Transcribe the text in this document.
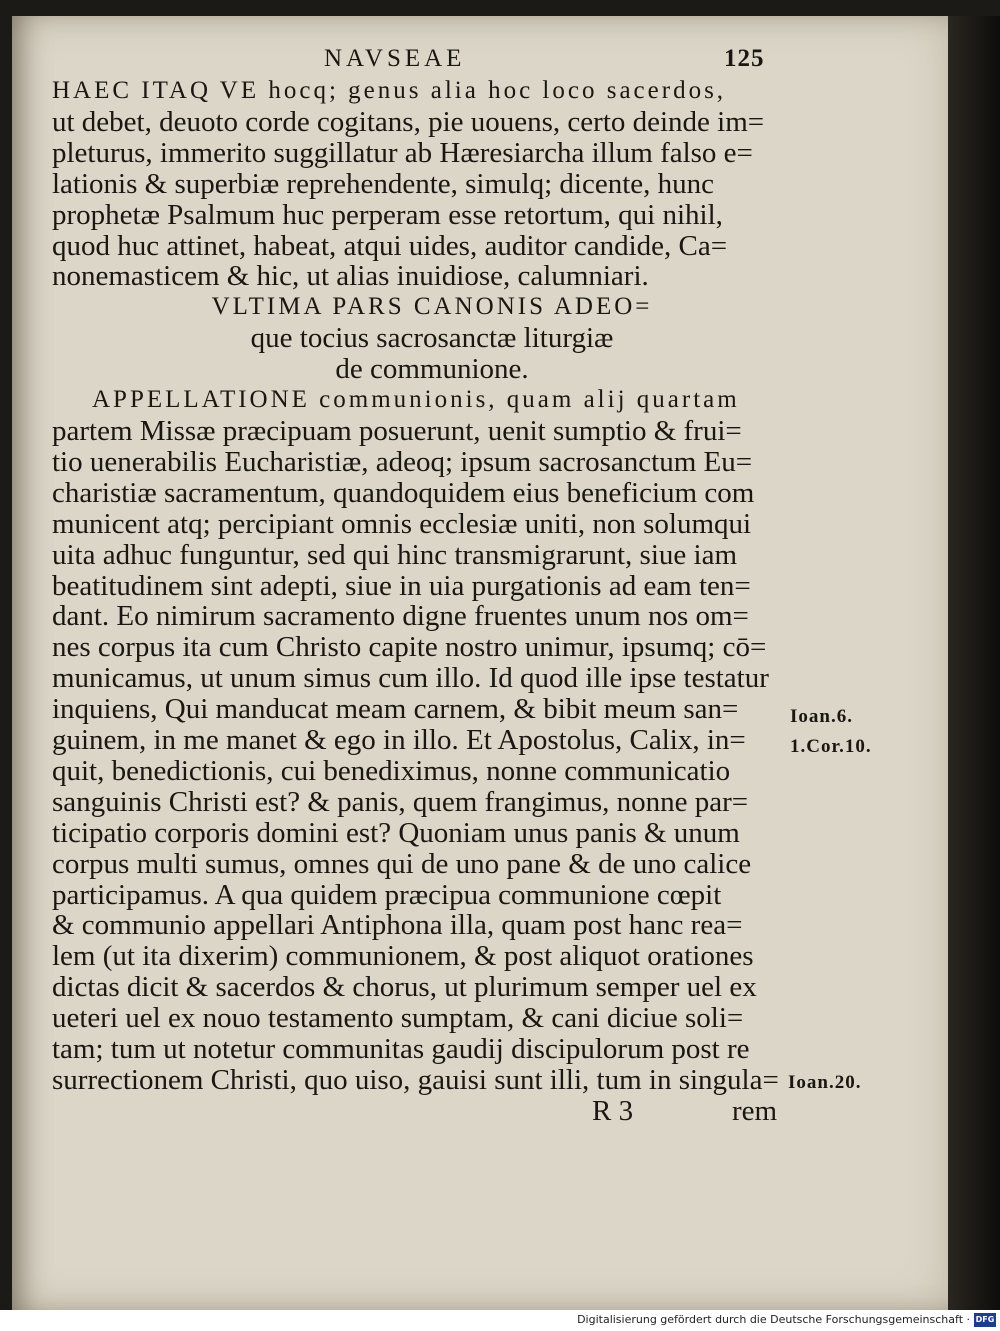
NAVSEAE	125
HAEC ITAQ VE hocq; genus alia hoc loco sacerdos,
ut debet, deuoto corde cogitans, pie uouens, certo deinde im=
pleturus, immerito suggillatur ab Hæresiarcha illum falso e=
lationis & superbiæ reprehendente, simulq; dicente, hunc
prophetæ Psalmum huc perperam esse retortum, qui nihil,
quod huc attinet, habeat, atqui uides, auditor candide, Ca=
nonemasticem & hic, ut alias inuidiose, calumniari.
VLTIMA PARS CANONIS ADEO=
que tocius sacrosanctæ liturgiæ
de communione.
APPELLATIONE communionis, quam alij quartam
partem Missæ præcipuam posuerunt, uenit sumptio & frui=
tio uenerabilis Eucharistiæ, adeoq; ipsum sacrosanctum Eu=
charistiæ sacramentum, quandoquidem eius beneficium com
municent atq; percipiant omnis ecclesiæ uniti, non solumqui
uita adhuc funguntur, sed qui hinc transmigrarunt, siue iam
beatitudinem sint adepti, siue in uia purgationis ad eam ten=
dant. Eo nimirum sacramento digne fruentes unum nos om=
nes corpus ita cum Christo capite nostro unimur, ipsumq; cō=
municamus, ut unum simus cum illo. Id quod ille ipse testatur
inquiens, Qui manducat meam carnem, & bibit meum san=
guinem, in me manet & ego in illo. Et Apostolus, Calix, in=
quit, benedictionis, cui benediximus, nonne communicatio
sanguinis Christi est? & panis, quem frangimus, nonne par=
ticipatio corporis domini est? Quoniam unus panis & unum
corpus multi sumus, omnes qui de uno pane & de uno calice
participamus. A qua quidem præcipua communione cœpit
& communio appellari Antiphona illa, quam post hanc rea=
lem (ut ita dixerim) communionem, & post aliquot orationes
dictas dicit & sacerdos & chorus, ut plurimum semper uel ex
ueteri uel ex nouo testamento sumptam, & cani diciue soli=
tam; tum ut notetur communitas gaudij discipulorum post re
surrectionem Christi, quo uiso, gauisi sunt illi, tum in singula=
R 3	rem
Ioan.6.
1.Cor.10.
Ioan.20.
Digitalisierung gefördert durch die Deutsche Forschungsgemeinschaft · DFG
